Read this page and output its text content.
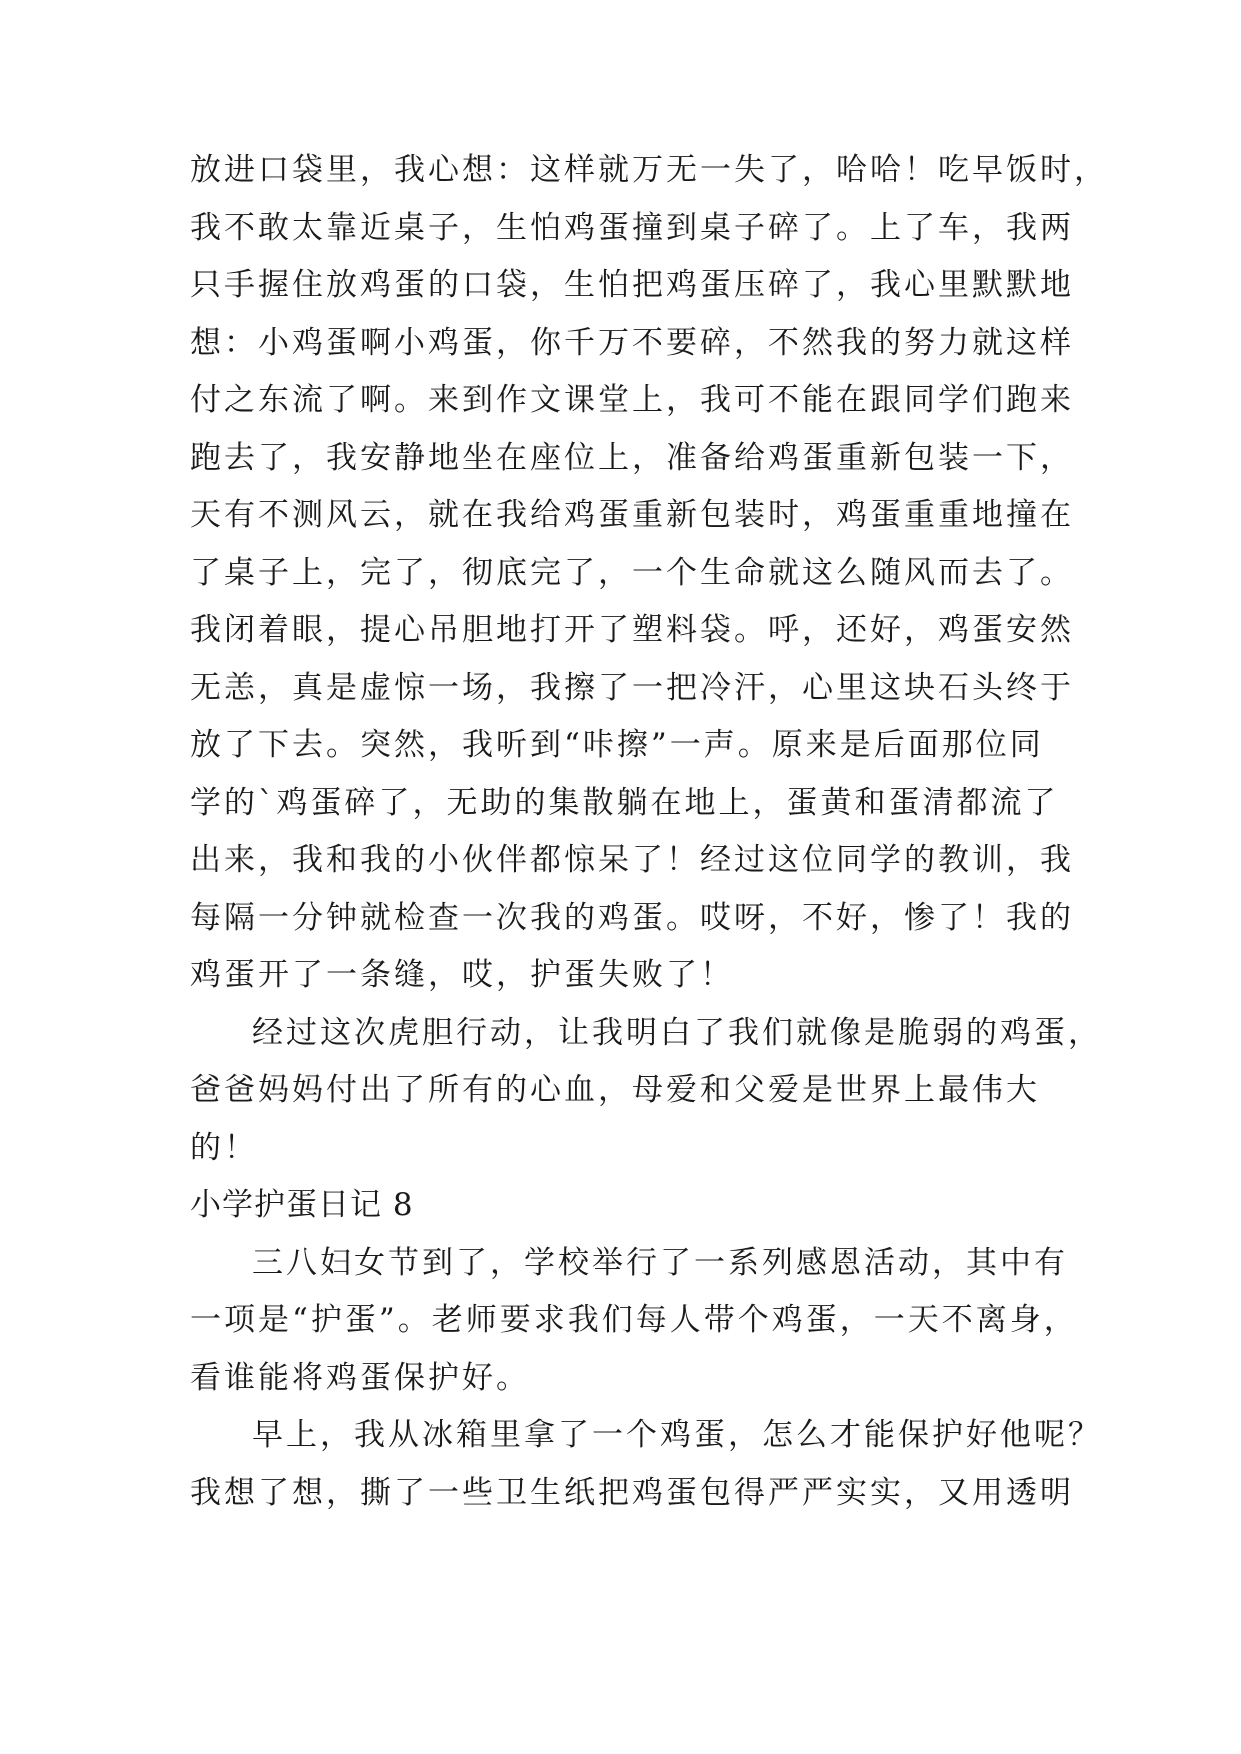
放进口袋里，我心想：这样就万无一失了，哈哈！吃早饭时，
我不敢太靠近桌子，生怕鸡蛋撞到桌子碎了。上了车，我两
只手握住放鸡蛋的口袋，生怕把鸡蛋压碎了，我心里默默地
想：小鸡蛋啊小鸡蛋，你千万不要碎，不然我的努力就这样
付之东流了啊。来到作文课堂上，我可不能在跟同学们跑来
跑去了，我安静地坐在座位上，准备给鸡蛋重新包装一下，
天有不测风云，就在我给鸡蛋重新包装时，鸡蛋重重地撞在
了桌子上，完了，彻底完了，一个生命就这么随风而去了。
我闭着眼，提心吊胆地打开了塑料袋。呼，还好，鸡蛋安然
无恙，真是虚惊一场，我擦了一把冷汗，心里这块石头终于
放了下去。突然，我听到“咔擦”一声。原来是后面那位同
学的`鸡蛋碎了，无助的集散躺在地上，蛋黄和蛋清都流了
出来，我和我的小伙伴都惊呆了！经过这位同学的教训，我
每隔一分钟就检查一次我的鸡蛋。哎呀，不好，惨了！我的
鸡蛋开了一条缝，哎，护蛋失败了！
经过这次虎胆行动，让我明白了我们就像是脆弱的鸡蛋，
爸爸妈妈付出了所有的心血，母爱和父爱是世界上最伟大
的！
小学护蛋日记 8
三八妇女节到了，学校举行了一系列感恩活动，其中有
一项是“护蛋”。老师要求我们每人带个鸡蛋，一天不离身，
看谁能将鸡蛋保护好。
早上，我从冰箱里拿了一个鸡蛋，怎么才能保护好他呢？
我想了想，撕了一些卫生纸把鸡蛋包得严严实实，又用透明
